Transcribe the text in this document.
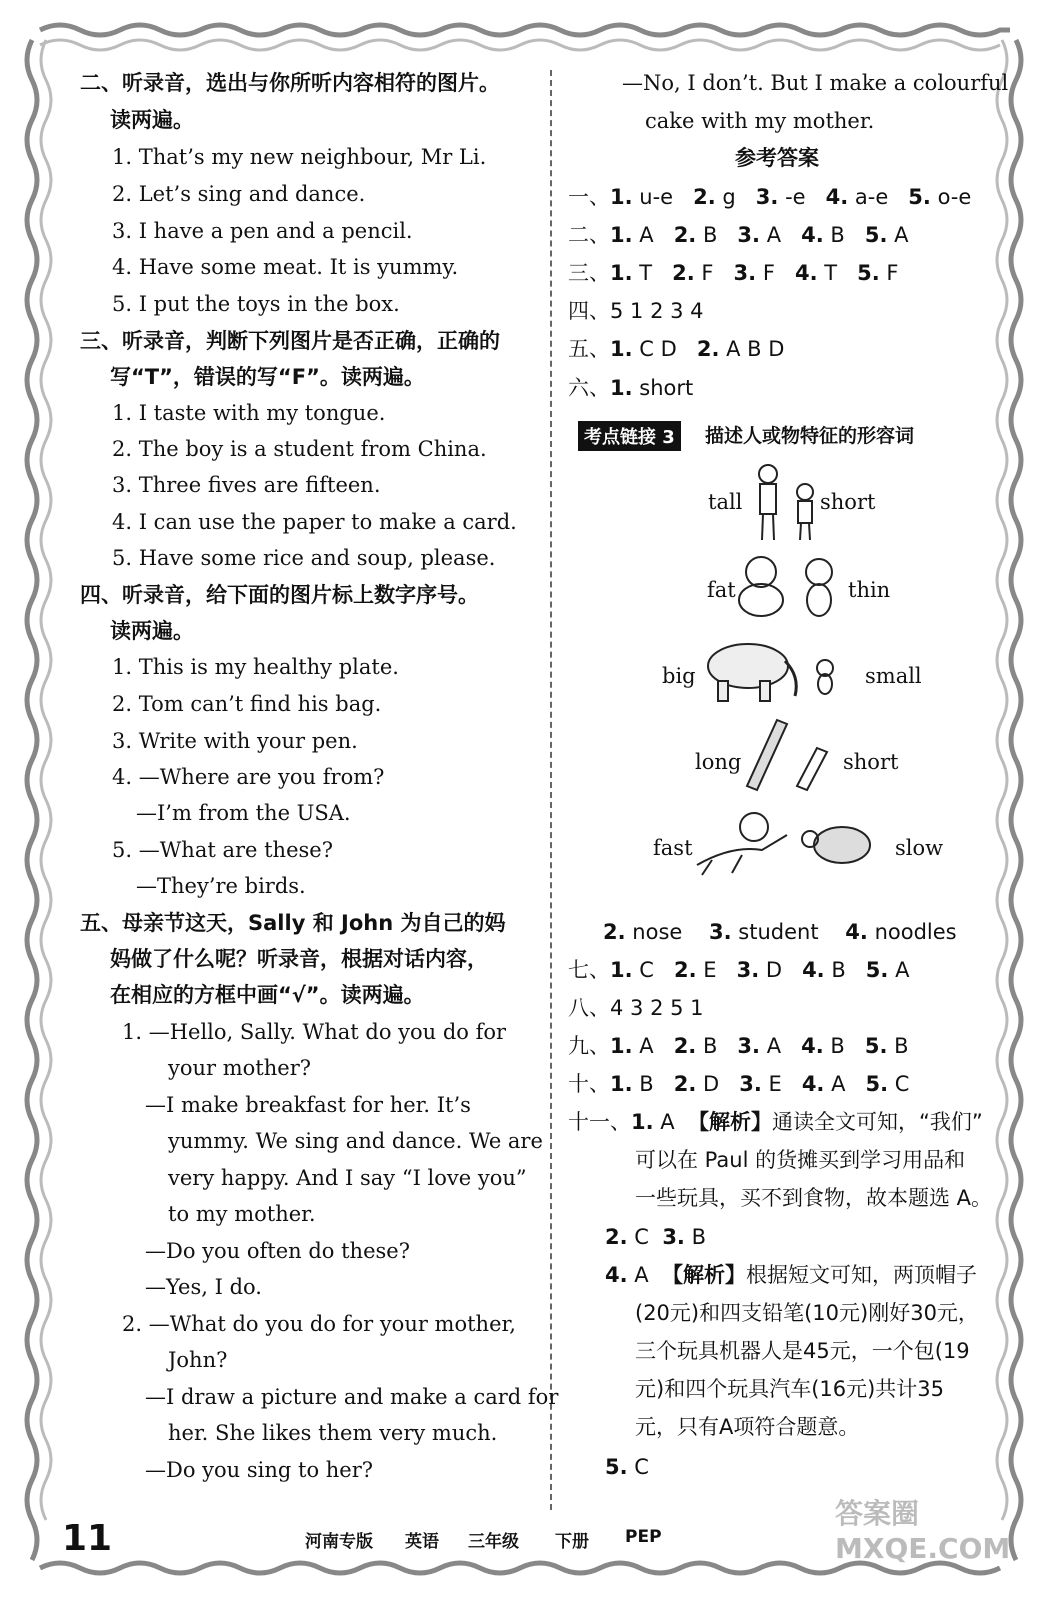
二、听录音，选出与你所听内容相符的图片。
读两遍。
1. That’s my new neighbour, Mr Li.
2. Let’s sing and dance.
3. I have a pen and a pencil.
4. Have some meat. It is yummy.
5. I put the toys in the box.
三、听录音，判断下列图片是否正确，正确的
写“T”，错误的写“F”。读两遍。
1. I taste with my tongue.
2. The boy is a student from China.
3. Three fives are fifteen.
4. I can use the paper to make a card.
5. Have some rice and soup, please.
四、听录音，给下面的图片标上数字序号。
读两遍。
1. This is my healthy plate.
2. Tom can’t find his bag.
3. Write with your pen.
4. —Where are you from?
—I’m from the USA.
5. —What are these?
—They’re birds.
五、母亲节这天，Sally 和 John 为自己的妈
妈做了什么呢？听录音，根据对话内容，
在相应的方框中画“√”。读两遍。
1. —Hello, Sally. What do you do for
your mother?
—I make breakfast for her. It’s
yummy. We sing and dance. We are
very happy. And I say “I love you”
to my mother.
—Do you often do these?
—Yes, I do.
2. —What do you do for your mother,
John?
—I draw a picture and make a card for
her. She likes them very much.
—Do you sing to her?
—No, I don’t. But I make a colourful
cake with my mother.
参考答案
一、1. u-e 2. g 3. -e 4. a-e 5. o-e
二、1. A 2. B 3. A 4. B 5. A
三、1. T 2. F 3. F 4. T 5. F
四、5 1 2 3 4
五、1. C D 2. A B D
六、1. short
考点链接 3	描述人或物特征的形容词
tall	short
fat	thin
big	small
long	short
fast	slow
2. nose 3. student 4. noodles
七、1. C 2. E 3. D 4. B 5. A
八、4 3 2 5 1
九、1. A 2. B 3. A 4. B 5. B
十、1. B 2. D 3. E 4. A 5. C
十一、1. A 【解析】通读全文可知，“我们”
可以在 Paul 的货摊买到学习用品和
一些玩具，买不到食物，故本题选 A。
2. C 3. B
4. A 【解析】根据短文可知，两顶帽子
(20元)和四支铅笔(10元)刚好30元，
三个玩具机器人是45元，一个包(19
元)和四个玩具汽车(16元)共计35
元，只有A项符合题意。
5. C
11	河南专版 英语 三年级 下册 PEP
答案圈 MXQE.COM
